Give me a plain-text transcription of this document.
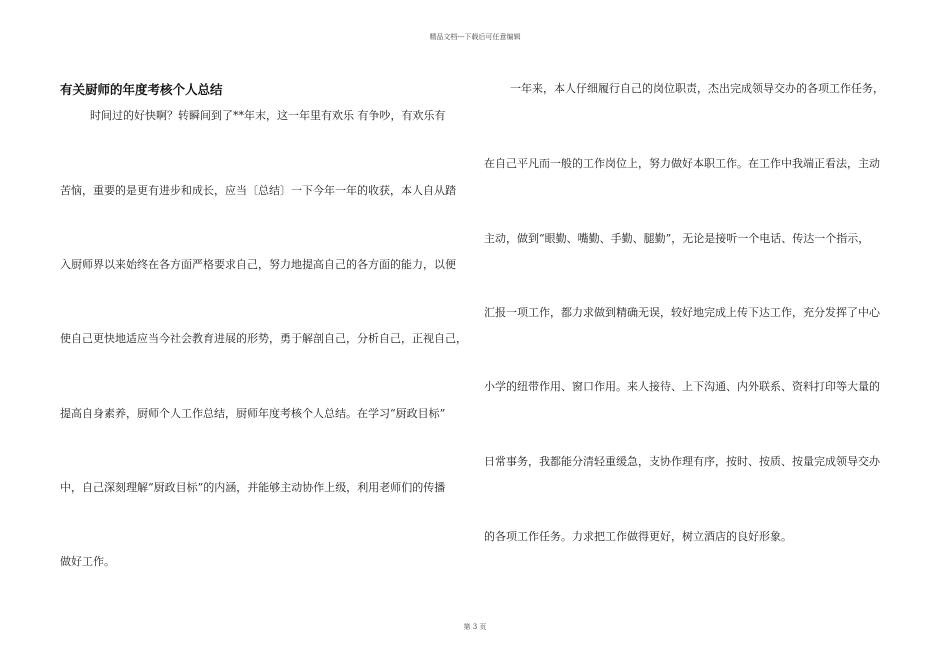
精品文档---下载后可任意编辑
有关厨师的年度考核个人总结
时间过的好快啊？转瞬间到了**年末，这一年里有欢乐 有争吵，有欢乐有
苦恼，重要的是更有进步和成长，应当〔总结〕一下今年一年的收获，本人自从踏
入厨师界以来始终在各方面严格要求自己，努力地提高自己的各方面的能力，以便
使自己更快地适应当今社会教育进展的形势，勇于解剖自己，分析自己，正视自己，
提高自身素养，厨师个人工作总结，厨师年度考核个人总结。在学习“厨政目标”
中，自己深刻理解“厨政目标”的内涵，并能够主动协作上级，利用老师们的传播
做好工作。
一年来，本人仔细履行自己的岗位职责，杰出完成领导交办的各项工作任务，
在自己平凡而一般的工作岗位上，努力做好本职工作。在工作中我端正看法，主动
主动，做到“眼勤、嘴勤、手勤、腿勤”，无论是接听一个电话、传达一个指示，
汇报一项工作，都力求做到精确无误，较好地完成上传下达工作，充分发挥了中心
小学的纽带作用、窗口作用。来人接待、上下沟通、内外联系、资料打印等大量的
日常事务，我都能分清轻重缓急，支协作理有序，按时、按质、按量完成领导交办
的各项工作任务。力求把工作做得更好，树立酒店的良好形象。
第 3 页
